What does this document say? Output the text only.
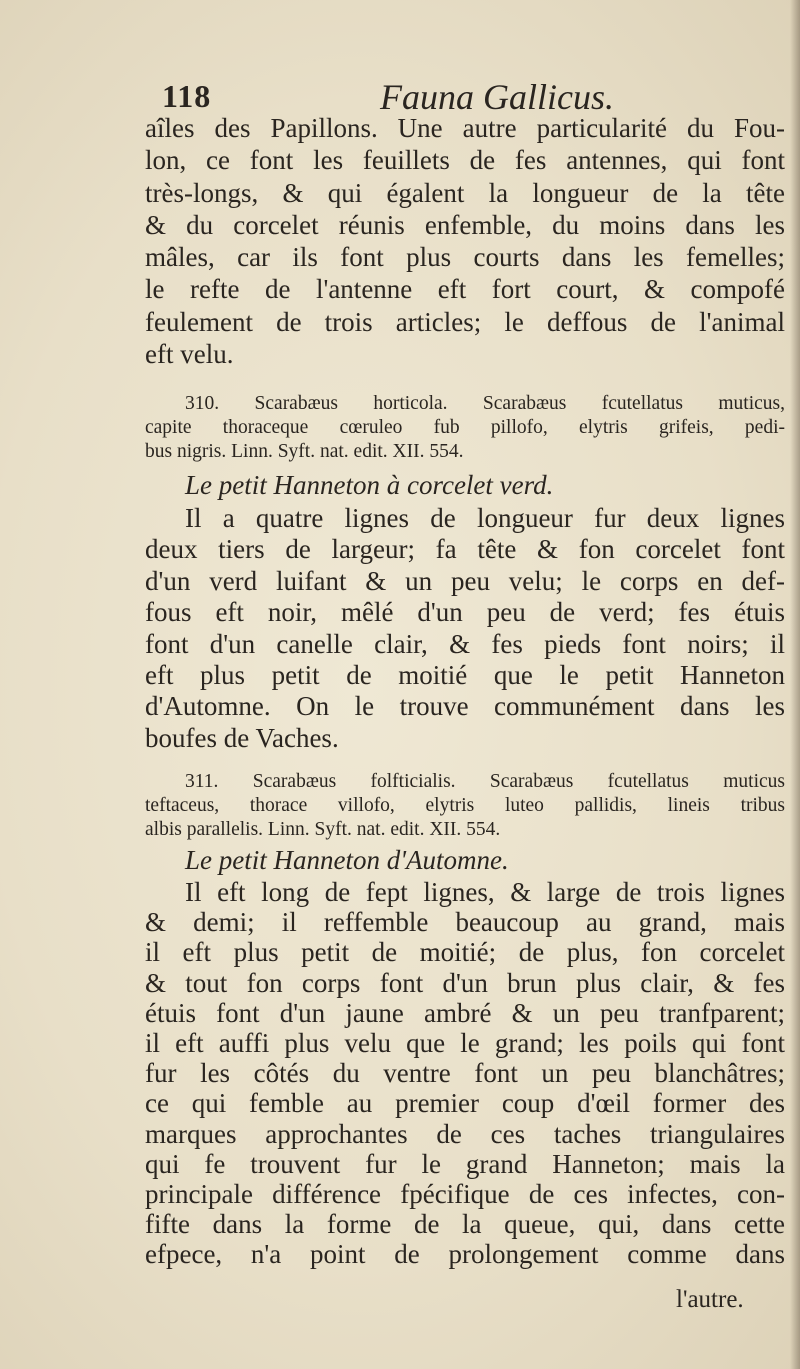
118	Fauna Gallicus.
aîles des Papillons. Une autre particularité du Fou-
lon, ce font les feuillets de fes antennes, qui font
très-longs, & qui égalent la longueur de la tête
& du corcelet réunis enfemble, du moins dans les
mâles, car ils font plus courts dans les femelles;
le refte de l'antenne eft fort court, & compofé
feulement de trois articles; le deffous de l'animal
eft velu.
310. Scarabæus horticola. Scarabæus fcutellatus muticus,
capite thoraceque cœruleo fub pillofo, elytris grifeis, pedi-
bus nigris. Linn. Syft. nat. edit. XII. 554.
Le petit Hanneton à corcelet verd.
Il a quatre lignes de longueur fur deux lignes
deux tiers de largeur; fa tête & fon corcelet font
d'un verd luifant & un peu velu; le corps en def-
fous eft noir, mêlé d'un peu de verd; fes étuis
font d'un canelle clair, & fes pieds font noirs; il
eft plus petit de moitié que le petit Hanneton
d'Automne. On le trouve communément dans les
boufes de Vaches.
311. Scarabæus folfticialis. Scarabæus fcutellatus muticus
teftaceus, thorace villofo, elytris luteo pallidis, lineis tribus
albis parallelis. Linn. Syft. nat. edit. XII. 554.
Le petit Hanneton d'Automne.
Il eft long de fept lignes, & large de trois lignes
& demi; il reffemble beaucoup au grand, mais
il eft plus petit de moitié; de plus, fon corcelet
& tout fon corps font d'un brun plus clair, & fes
étuis font d'un jaune ambré & un peu tranfparent;
il eft auffi plus velu que le grand; les poils qui font
fur les côtés du ventre font un peu blanchâtres;
ce qui femble au premier coup d'œil former des
marques approchantes de ces taches triangulaires
qui fe trouvent fur le grand Hanneton; mais la
principale différence fpécifique de ces infectes, con-
fifte dans la forme de la queue, qui, dans cette
efpece, n'a point de prolongement comme dans
l'autre.
